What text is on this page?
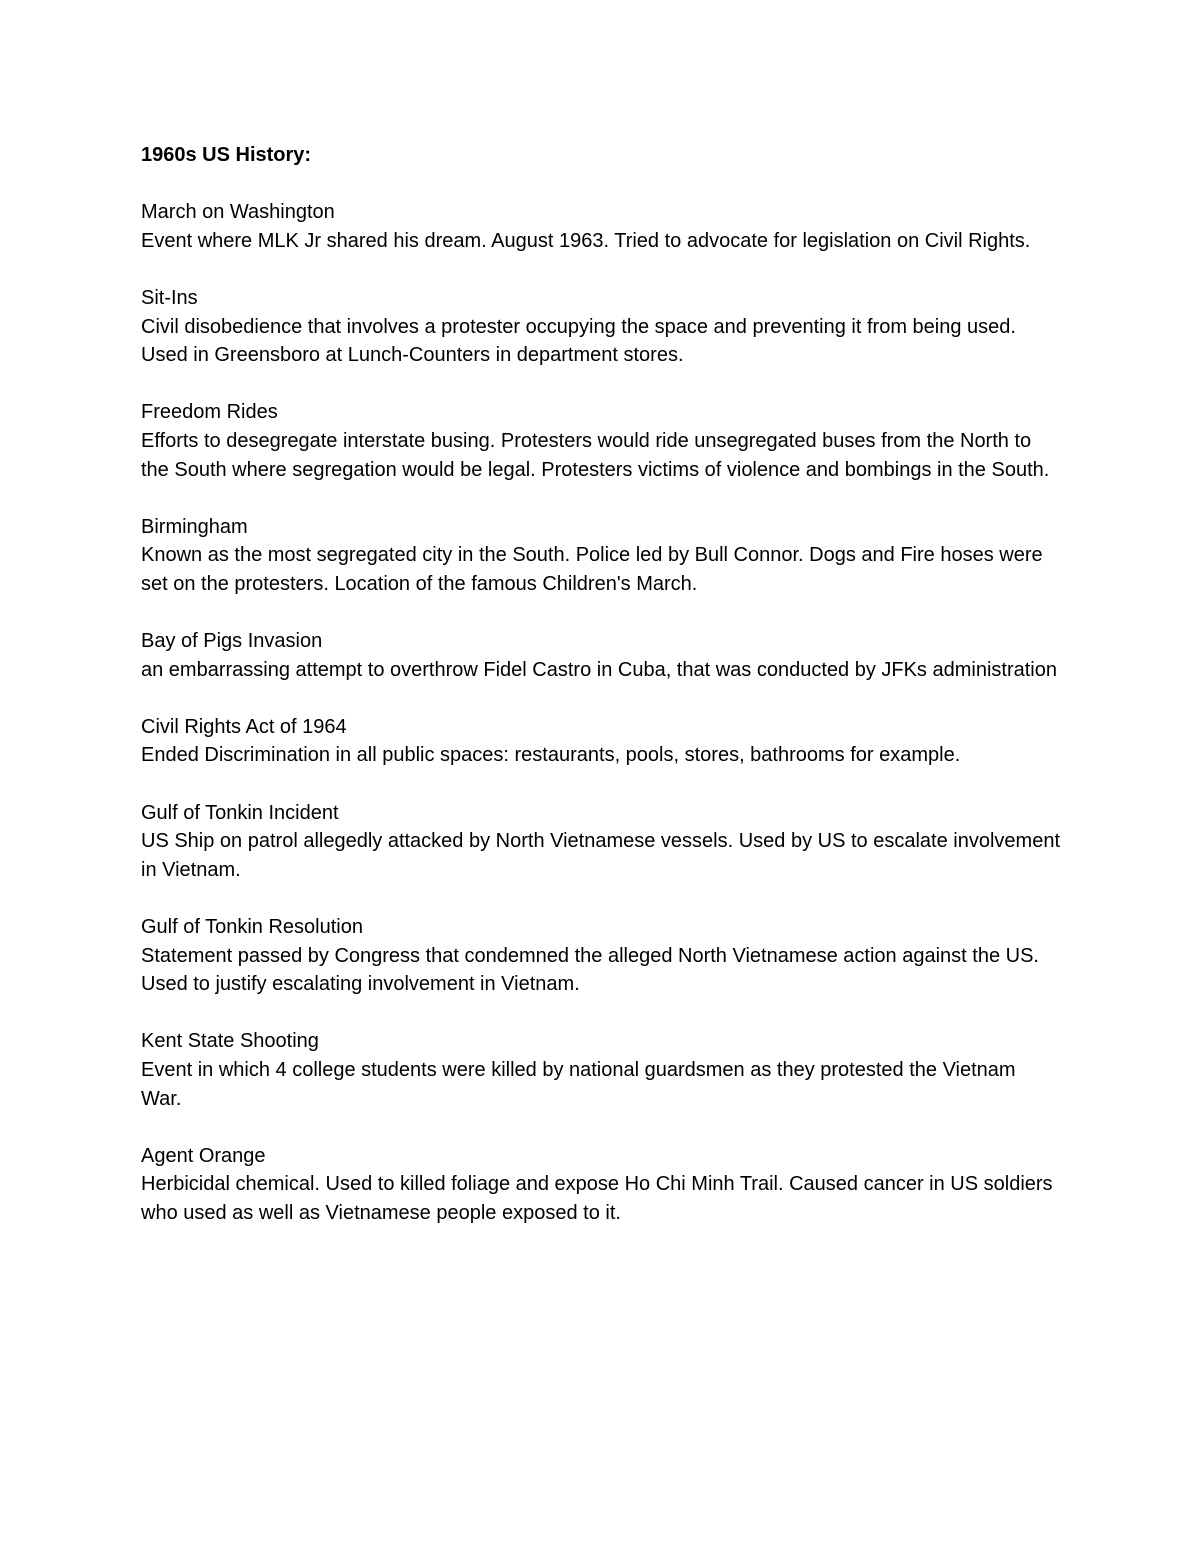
1960s US History:
March on Washington
Event where MLK Jr shared his dream. August 1963. Tried to advocate for legislation on Civil Rights.
Sit-Ins
Civil disobedience that involves a protester occupying the space and preventing it from being used. Used in Greensboro at Lunch-Counters in department stores.
Freedom Rides
Efforts to desegregate interstate busing. Protesters would ride unsegregated buses from the North to the South where segregation would be legal. Protesters victims of violence and bombings in the South.
Birmingham
Known as the most segregated city in the South. Police led by Bull Connor. Dogs and Fire hoses were set on the protesters. Location of the famous Children's March.
Bay of Pigs Invasion
an embarrassing attempt to overthrow Fidel Castro in Cuba, that was conducted by JFKs administration
Civil Rights Act of 1964
Ended Discrimination in all public spaces: restaurants, pools, stores, bathrooms for example.
Gulf of Tonkin Incident
US Ship on patrol allegedly attacked by North Vietnamese vessels. Used by US to escalate involvement in Vietnam.
Gulf of Tonkin Resolution
Statement passed by Congress that condemned the alleged North Vietnamese action against the US. Used to justify escalating involvement in Vietnam.
Kent State Shooting
Event in which 4 college students were killed by national guardsmen as they protested the Vietnam War.
Agent Orange
Herbicidal chemical. Used to killed foliage and expose Ho Chi Minh Trail. Caused cancer in US soldiers who used as well as Vietnamese people exposed to it.
